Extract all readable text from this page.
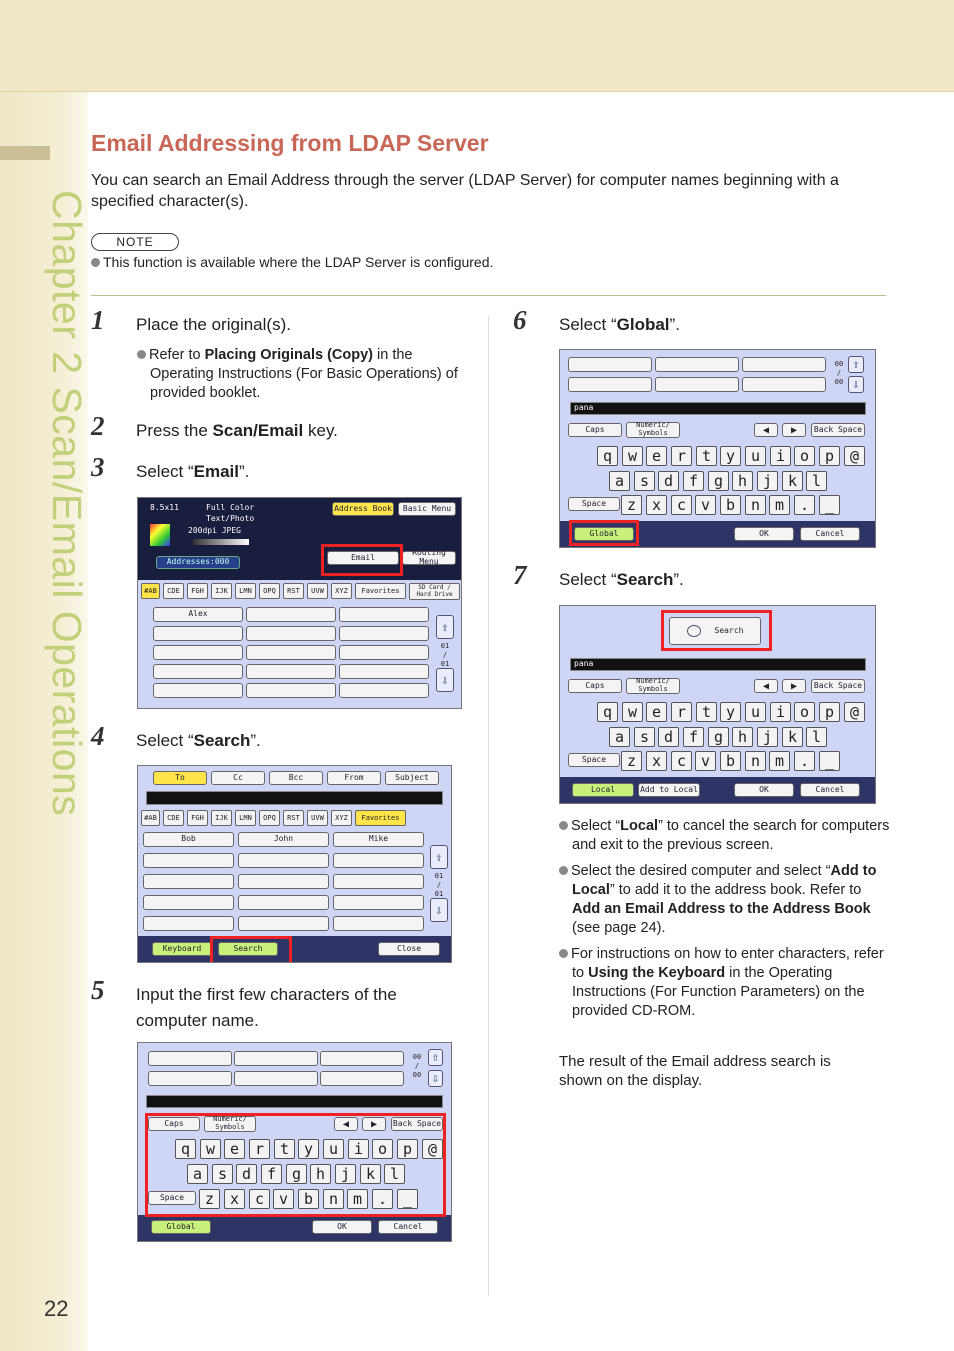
Chapter 2 Scan/Email Operations
22
Email Addressing from LDAP Server

You can search an Email Address through the server (LDAP Server) for computer names beginning with a specified character(s).

NOTE
This function is available where the LDAP Server is configured.
1 Place the original(s).
Refer to Placing Originals (Copy) in the Operating Instructions (For Basic Operations) of provided booklet.
2 Press the Scan/Email key.
3 Select “Email”.
8.5x11	Full Color
Text/Photo
200dpi JPEG
Addresses:000
Address Book	Basic Menu
Email	Routing Menu
#AB	CDE	FGH	IJK	LMN	OPQ	RST	UVW	XYZ	Favorites	SD Card / Hard Drive
Alex
⇧
01
/
01
⇩
4 Select “Search”.
To	Cc	Bcc	From	Subject
#AB	CDE	FGH	IJK	LMN	OPQ	RST	UVW	XYZ	Favorites
Bob	John	Mike
⇧
01
/
01
⇩
Keyboard	Search	Close
5 Input the first few characters of the computer name.
00
/
00
⇧
⇩
Caps	Numeric/ Symbols	◀	▶	Back Space
q	w e	r	t y	u	i o	p	@
a	s d	f	g h	j	k l
Space	z	x	c v	b	n m	.	_
Global	OK	Cancel
6 Select “Global”.
00
/
00
⇧
⇩
pana
Caps	Numeric/ Symbols	◀	▶	Back Space
q	w e	r	t y	u	i o	p	@
a	s d	f	g h	j	k l
Space	z	x	c v	b	n m	.	_
Global	OK	Cancel
7 Select “Search”.
Search
pana
Caps	Numeric/ Symbols	◀	▶	Back Space
q	w e	r	t y	u	i o	p	@
a	s d	f	g h	j	k l
Space	z	x	c v	b	n m	.	_
Local	Add to Local	OK	Cancel
Select “Local” to cancel the search for computers and exit to the previous screen.
Select the desired computer and select “Add to Local” to add it to the address book. Refer to Add an Email Address to the Address Book (see page 24).
For instructions on how to enter characters, refer to Using the Keyboard in the Operating Instructions (For Function Parameters) on the provided CD-ROM.
The result of the Email address search is shown on the display.
